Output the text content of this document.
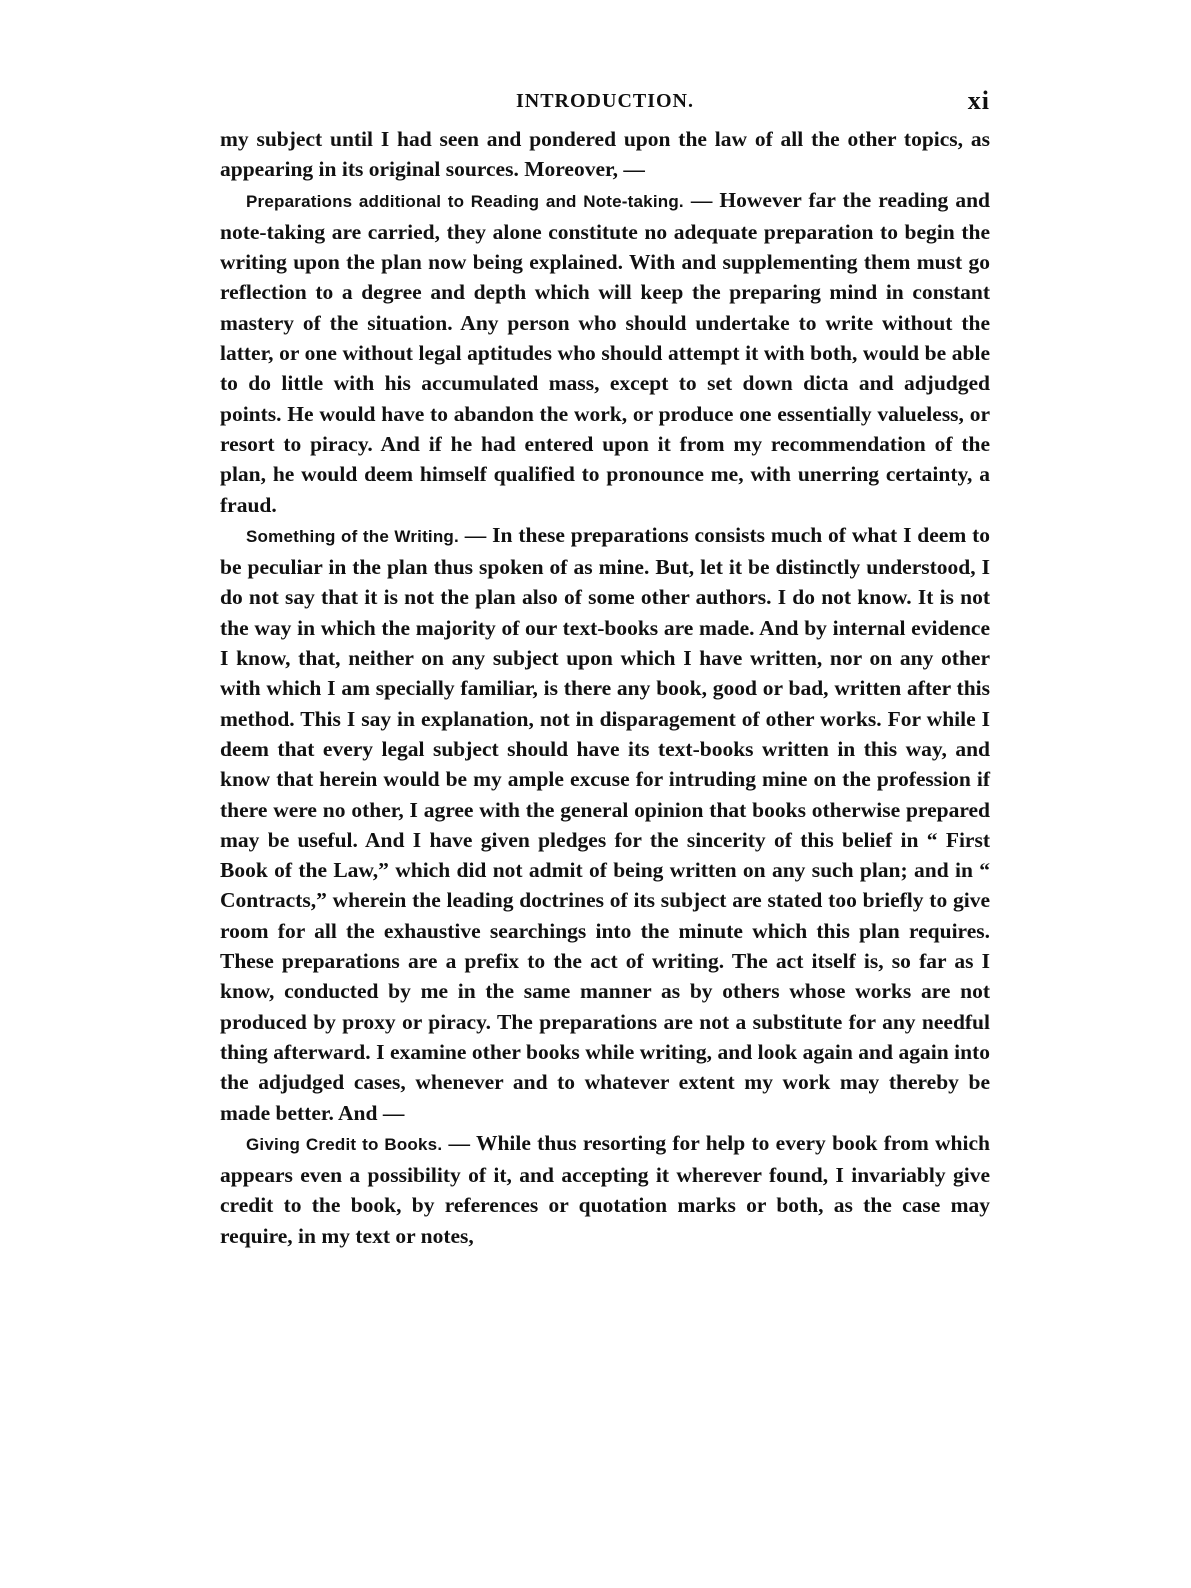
INTRODUCTION.	xi

my subject until I had seen and pondered upon the law of all the other topics, as appearing in its original sources. Moreover, —

Preparations additional to Reading and Note-taking. — However far the reading and note-taking are carried, they alone constitute no adequate preparation to begin the writing upon the plan now being explained. With and supplementing them must go reflection to a degree and depth which will keep the preparing mind in constant mastery of the situation. Any person who should undertake to write without the latter, or one without legal aptitudes who should attempt it with both, would be able to do little with his accumulated mass, except to set down dicta and adjudged points. He would have to abandon the work, or produce one essentially valueless, or resort to piracy. And if he had entered upon it from my recommendation of the plan, he would deem himself qualified to pronounce me, with unerring certainty, a fraud.

Something of the Writing. — In these preparations consists much of what I deem to be peculiar in the plan thus spoken of as mine. But, let it be distinctly understood, I do not say that it is not the plan also of some other authors. I do not know. It is not the way in which the majority of our text-books are made. And by internal evidence I know, that, neither on any subject upon which I have written, nor on any other with which I am specially familiar, is there any book, good or bad, written after this method. This I say in explanation, not in disparagement of other works. For while I deem that every legal subject should have its text-books written in this way, and know that herein would be my ample excuse for intruding mine on the profession if there were no other, I agree with the general opinion that books otherwise prepared may be useful. And I have given pledges for the sincerity of this belief in “ First Book of the Law,” which did not admit of being written on any such plan; and in “ Contracts,” wherein the leading doctrines of its subject are stated too briefly to give room for all the exhaustive searchings into the minute which this plan requires. These preparations are a prefix to the act of writing. The act itself is, so far as I know, conducted by me in the same manner as by others whose works are not produced by proxy or piracy. The preparations are not a substitute for any needful thing afterward. I examine other books while writing, and look again and again into the adjudged cases, whenever and to whatever extent my work may thereby be made better. And —

Giving Credit to Books. — While thus resorting for help to every book from which appears even a possibility of it, and accepting it wherever found, I invariably give credit to the book, by references or quotation marks or both, as the case may require, in my text or notes,
